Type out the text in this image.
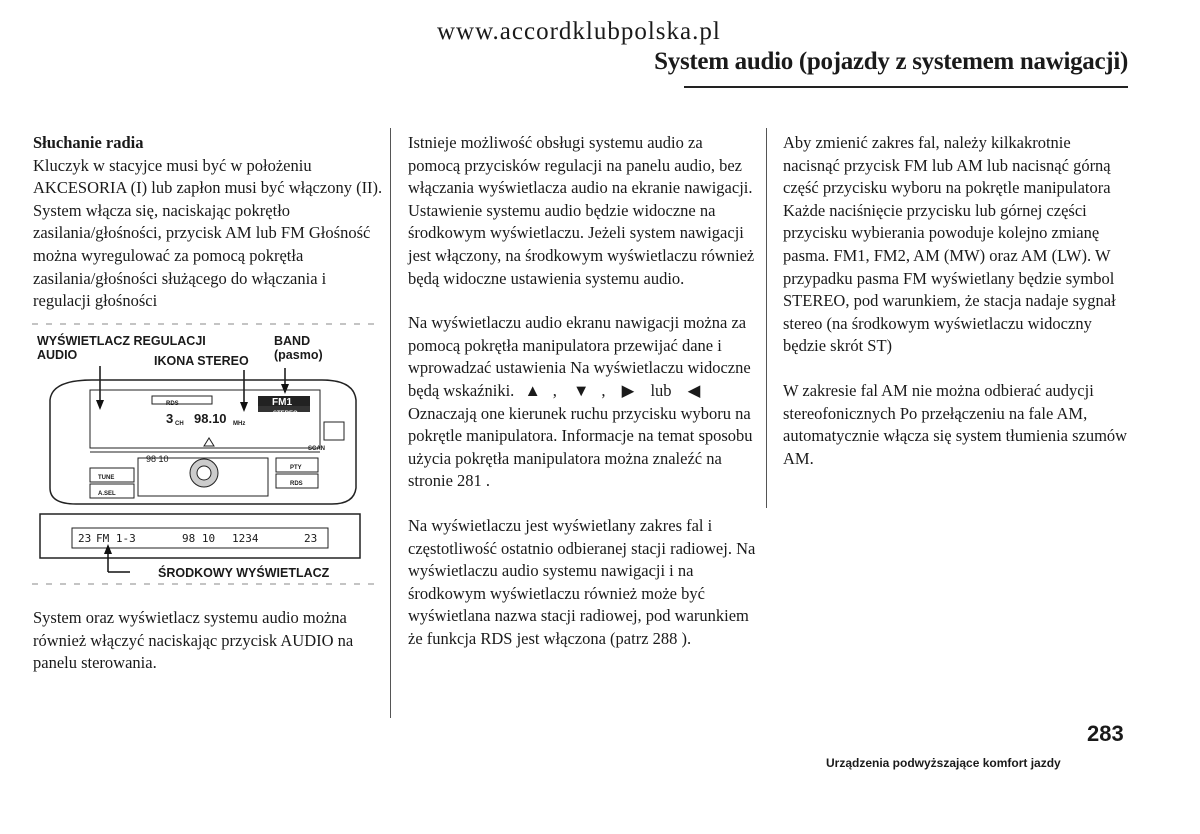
www.accordklubpolska.pl
System audio (pojazdy z systemem nawigacji)

Słuchanie radia

Kluczyk w stacyjce musi być w położeniu AKCESORIA (I) lub zapłon musi być włączony (II). System włącza się, naciskając pokrętło zasilania/głośności, przycisk AM lub FM Głośność można wyregulować za pomocą pokrętła zasilania/głośności służącego do włączania i regulacji głośności

WYŚWIETLACZ REGULACJI AUDIO	IKONA STEREO
BAND (pasmo)
FM1
STEREO
RDS
3 CH 98.10 MHz
SCAN
98 10
TUNE
A.SEL
PTY
RDS
23 FM 1-3	98 10 1234	23
ŚRODKOWY WYŚWIETLACZ

System oraz wyświetlacz systemu audio można również włączyć naciskając przycisk AUDIO na panelu sterowania.

Istnieje możliwość obsługi systemu audio za pomocą przycisków regulacji na panelu audio, bez włączania wyświetlacza audio na ekranie nawigacji. Ustawienie systemu audio będzie widoczne na środkowym wyświetlaczu. Jeżeli system nawigacji jest włączony, na środkowym wyświetlaczu również będą widoczne ustawienia systemu audio.

Na wyświetlaczu audio ekranu nawigacji można za pomocą pokrętła manipulatora przewijać dane i wprowadzać ustawienia Na wyświetlaczu widoczne będą wskaźniki. ▲ , ▼ , ▶ lub ◀ Oznaczają one kierunek ruchu przycisku wyboru na pokrętle manipulatora. Informacje na temat sposobu użycia pokrętła manipulatora można znaleźć na stronie 281 .

Na wyświetlaczu jest wyświetlany zakres fal i częstotliwość ostatnio odbieranej stacji radiowej. Na wyświetlaczu audio systemu nawigacji i na środkowym wyświetlaczu również może być wyświetlana nazwa stacji radiowej, pod warunkiem że funkcja RDS jest włączona (patrz 288 ).

Aby zmienić zakres fal, należy kilkakrotnie nacisnąć przycisk FM lub AM lub nacisnąć górną część przycisku wyboru na pokrętle manipulatora Każde naciśnięcie przycisku lub górnej części przycisku wybierania powoduje kolejno zmianę pasma. FM1, FM2, AM (MW) oraz AM (LW). W przypadku pasma FM wyświetlany będzie symbol STEREO, pod warunkiem, że stacja nadaje sygnał stereo (na środkowym wyświetlaczu widoczny będzie skrót ST)

W zakresie fal AM nie można odbierać audycji stereofonicznych Po przełączeniu na fale AM, automatycznie włącza się system tłumienia szumów AM.

Urządzenia podwyższające komfort jazdy
283
